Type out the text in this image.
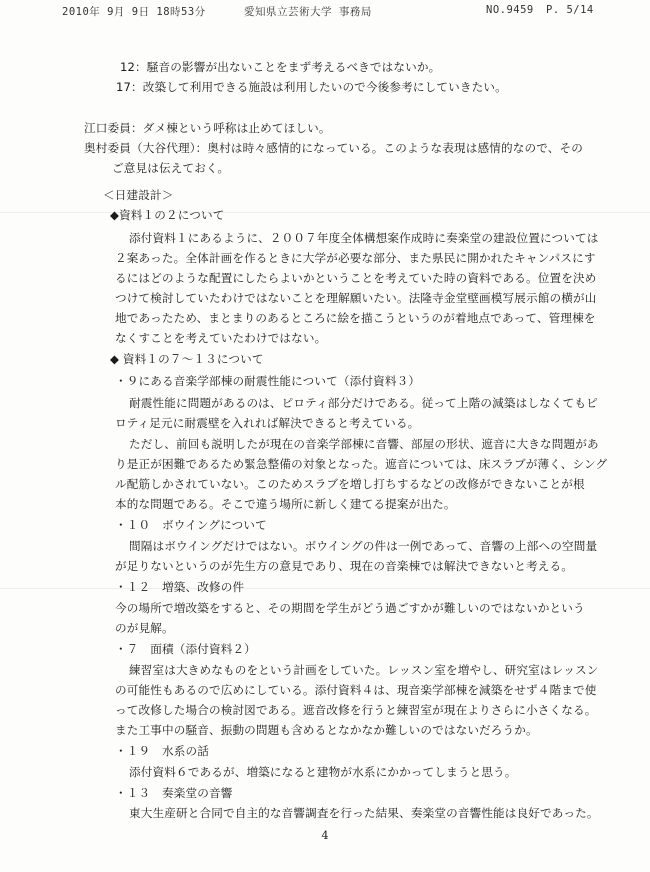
2010年 9月 9日 18時53分	愛知県立芸術大学 事務局	NO.9459 P. 5/14
12：騒音の影響が出ないことをまず考えるべきではないか。
17：改築して利用できる施設は利用したいので今後参考にしていきたい。
江口委員：ダメ棟という呼称は止めてほしい。
奥村委員（大谷代理）：奥村は時々感情的になっている。このような表現は感情的なので、その
ご意見は伝えておく。
＜日建設計＞
◆資料１の２について
添付資料１にあるように、２００７年度全体構想案作成時に奏楽堂の建設位置については
２案あった。全体計画を作るときに大学が必要な部分、また県民に開かれたキャンパスにす
るにはどのような配置にしたらよいかということを考えていた時の資料である。位置を決め
つけて検討していたわけではないことを理解願いたい。法隆寺金堂壁画模写展示館の横が山
地であったため、まとまりのあるところに絵を描こうというのが着地点であって、管理棟を
なくすことを考えていたわけではない。
◆ 資料１の７～１３について
・９にある音楽学部棟の耐震性能について（添付資料３）
耐震性能に問題があるのは、ピロティ部分だけである。従って上階の減築はしなくてもピ
ロティ足元に耐震壁を入れれば解決できると考えている。
ただし、前回も説明したが現在の音楽学部棟に音響、部屋の形状、遮音に大きな問題があ
り是正が困難であるため緊急整備の対象となった。遮音については、床スラブが薄く、シング
ル配筋しかされていない。このためスラブを増し打ちするなどの改修ができないことが根
本的な問題である。そこで違う場所に新しく建てる提案が出た。
・１０　ボウイングについて
間隔はボウイングだけではない。ボウイングの件は一例であって、音響の上部への空間量
が足りないというのが先生方の意見であり、現在の音楽棟では解決できないと考える。
・１２　増築、改修の件
今の場所で増改築をすると、その期間を学生がどう過ごすかが難しいのではないかという
のが見解。
・７　面積（添付資料２）
練習室は大きめなものをという計画をしていた。レッスン室を増やし、研究室はレッスン
の可能性もあるので広めにしている。添付資料４は、現音楽学部棟を減築をせず４階まで使
って改修した場合の検討図である。遮音改修を行うと練習室が現在よりさらに小さくなる。
また工事中の騒音、振動の問題も含めるとなかなか難しいのではないだろうか。
・１９　水系の話
添付資料６であるが、増築になると建物が水系にかかってしまうと思う。
・１３　奏楽堂の音響
東大生産研と合同で自主的な音響調査を行った結果、奏楽堂の音響性能は良好であった。
4
